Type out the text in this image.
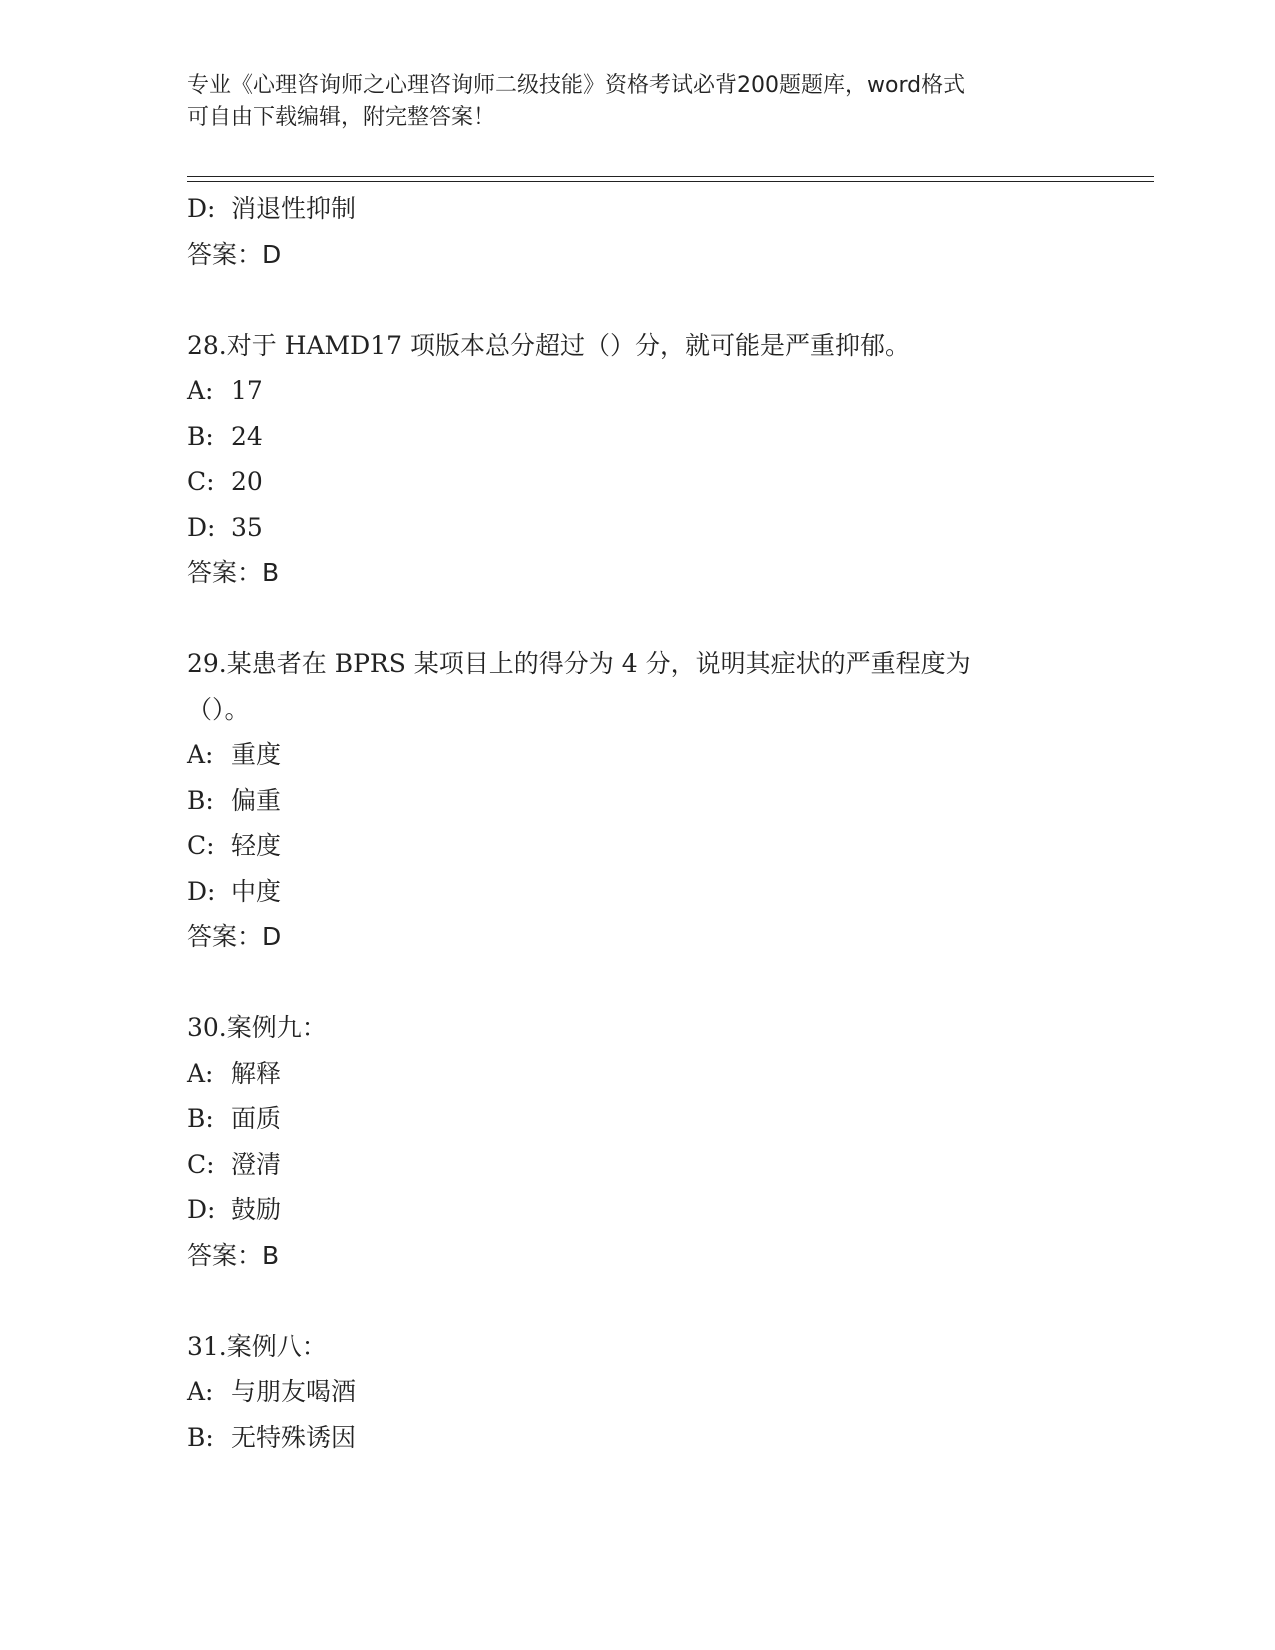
专业《心理咨询师之心理咨询师二级技能》资格考试必背200题题库，word格式
可自由下载编辑，附完整答案！
D: 消退性抑制
答案：D
28.对于 HAMD17 项版本总分超过（）分，就可能是严重抑郁。
A: 17
B: 24
C: 20
D: 35
答案：B
29.某患者在 BPRS 某项目上的得分为 4 分，说明其症状的严重程度为
（）。
A: 重度
B: 偏重
C: 轻度
D: 中度
答案：D
30.案例九：
A: 解释
B: 面质
C: 澄清
D: 鼓励
答案：B
31.案例八：
A: 与朋友喝酒
B: 无特殊诱因
